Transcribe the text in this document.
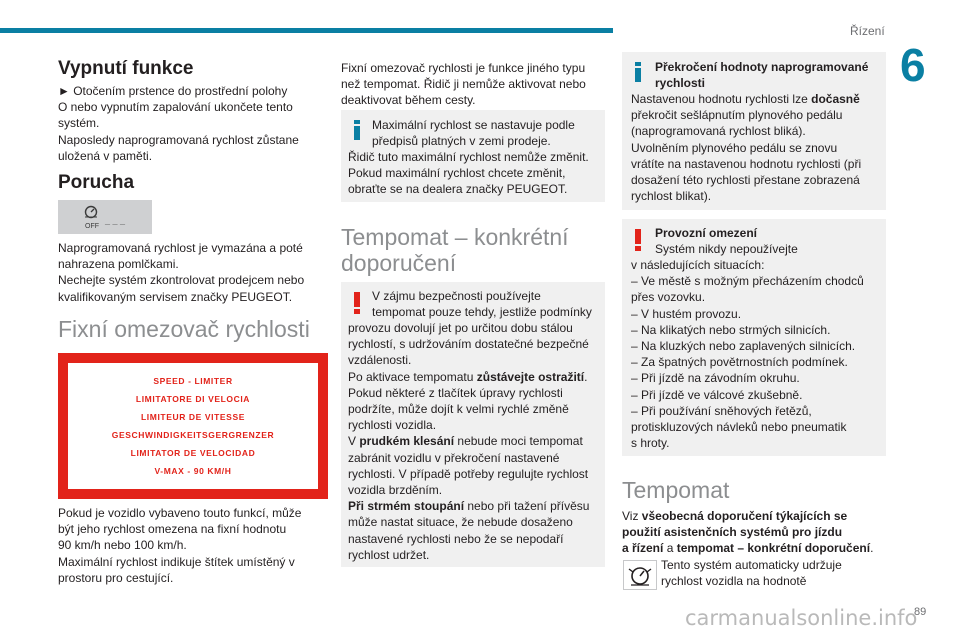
Řízení
6
Vypnutí funkce

► Otočením prstence do prostřední polohy

O nebo vypnutím zapalování ukončete tento

systém.

Naposledy naprogramovaná rychlost zůstane

uložená v paměti.

Porucha
OFF
_ _ _

Naprogramovaná rychlost je vymazána a poté

nahrazena pomlčkami.

Nechejte systém zkontrolovat prodejcem nebo

kvalifikovaným servisem značky PEUGEOT.

Fixní omezovač rychlosti
SPEED - LIMITER
LIMITATORE DI VELOCIA
LIMITEUR DE VITESSE
GESCHWINDIGKEITSGERGRENZER
LIMITATOR DE VELOCIDAD
V-MAX - 90 KM/H

Pokud je vozidlo vybaveno touto funkcí, může

být jeho rychlost omezena na fixní hodnotu

90 km/h nebo 100 km/h.

Maximální rychlost indikuje štítek umístěný v

prostoru pro cestující.

Fixní omezovač rychlosti je funkce jiného typu

než tempomat. Řidič ji nemůže aktivovat nebo

deaktivovat během cesty.

Maximální rychlost se nastavuje podle

předpisů platných v zemi prodeje.

Řidič tuto maximální rychlost nemůže změnit.

Pokud maximální rychlost chcete změnit,

obraťte se na dealera značky PEUGEOT.

Tempomat – konkrétní
doporučení

V zájmu bezpečnosti používejte

tempomat pouze tehdy, jestliže podmínky

provozu dovolují jet po určitou dobu stálou

rychlostí, s udržováním dostatečné bezpečné

vzdálenosti.

Po aktivace tempomatu zůstávejte ostražití.

Pokud některé z tlačítek úpravy rychlosti

podržíte, může dojít k velmi rychlé změně

rychlosti vozidla.

V prudkém klesání nebude moci tempomat

zabránit vozidlu v překročení nastavené

rychlosti. V případě potřeby regulujte rychlost

vozidla brzděním.

Při strmém stoupání nebo při tažení přívěsu

může nastat situace, že nebude dosaženo

nastavené rychlosti nebo že se nepodaří

rychlost udržet.

Překročení hodnoty naprogramované

rychlosti

Nastavenou hodnotu rychlosti lze dočasně

překročit sešlápnutím plynového pedálu

(naprogramovaná rychlost bliká).

Uvolněním plynového pedálu se znovu

vrátíte na nastavenou hodnotu rychlosti (při

dosažení této rychlosti přestane zobrazená

rychlost blikat).

Provozní omezení

Systém nikdy nepoužívejte

v následujících situacích:

– Ve městě s možným přecházením chodců

přes vozovku.

– V hustém provozu.

– Na klikatých nebo strmých silnicích.

– Na kluzkých nebo zaplavených silnicích.

– Za špatných povětrnostních podmínek.

– Při jízdě na závodním okruhu.

– Při jízdě ve válcové zkušebně.

– Při používání sněhových řetězů,

protiskluzových návleků nebo pneumatik

s hroty.

Tempomat

Viz všeobecná doporučení týkajících se

použití asistenčních systémů pro jízdu

a řízení a tempomat – konkrétní doporučení.

Tento systém automaticky udržuje

rychlost vozidla na hodnotě

carmanualsonline.info
89
